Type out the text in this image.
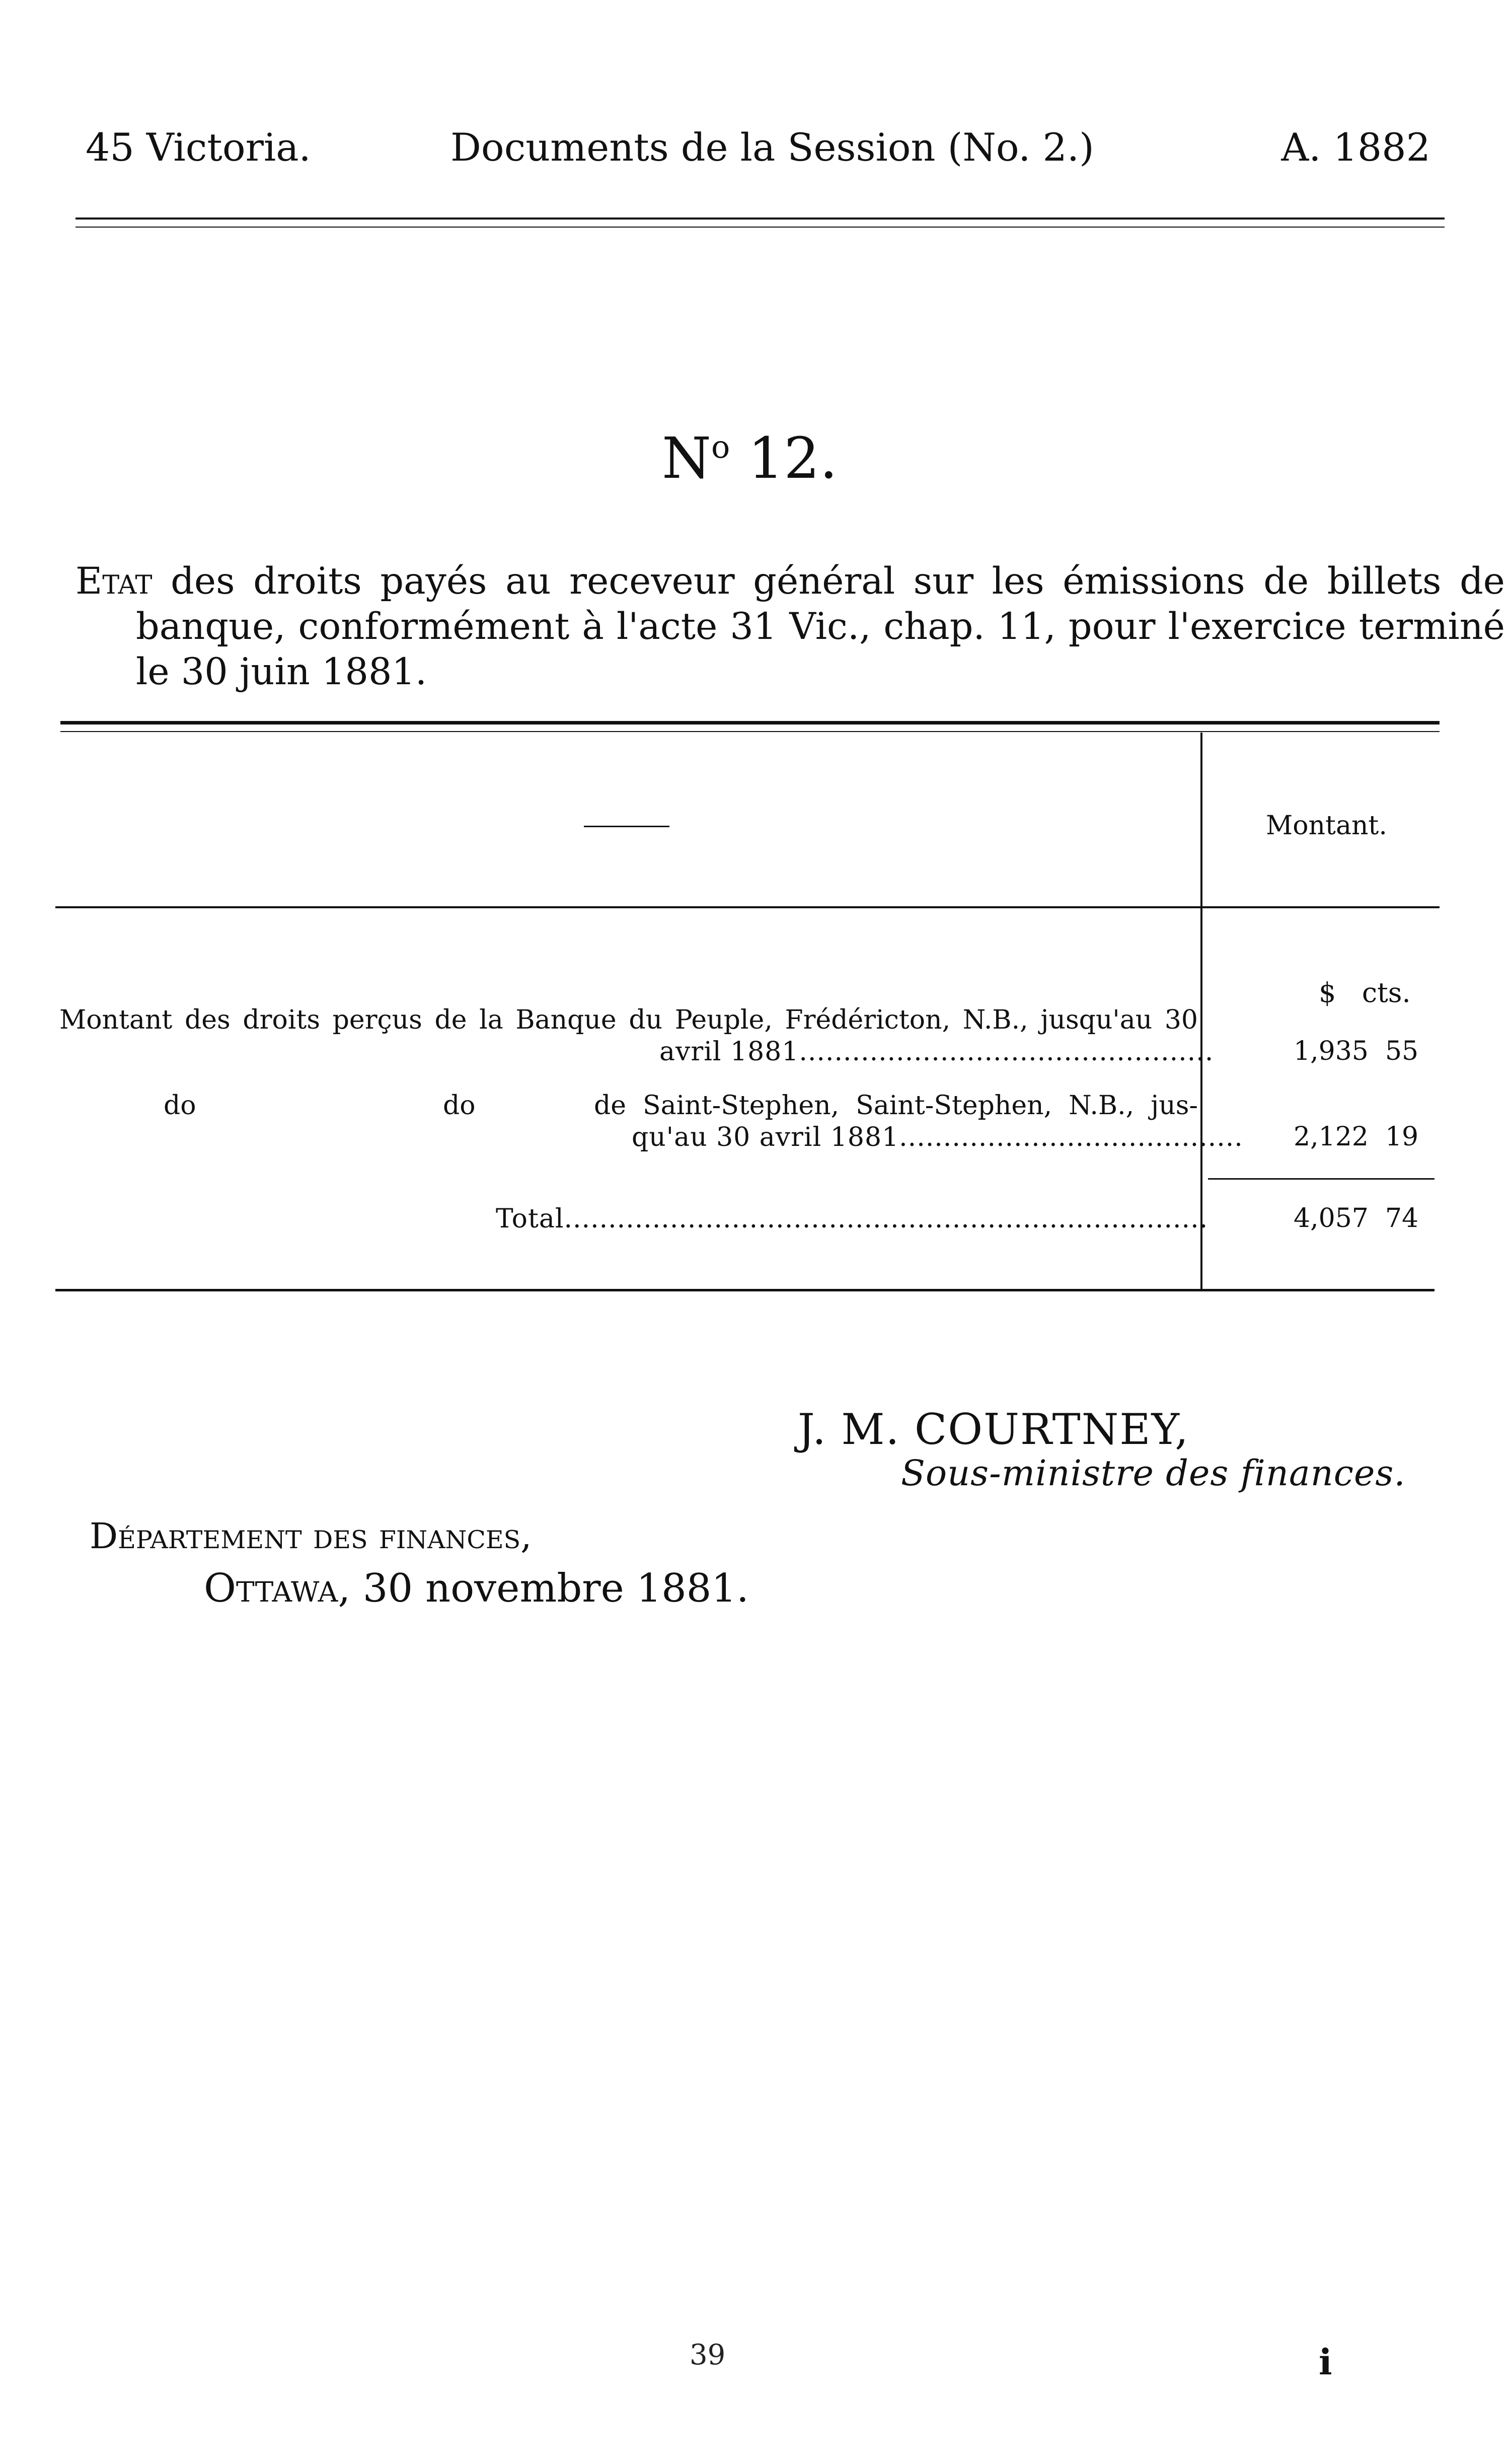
45 Victoria.	Documents de la Session (No. 2.)	A. 1882
$N^o$ 12.
Etat des droits payés au receveur général sur les émissions de billets de banque, conformément à l'acte 31 Vic., chap. 11, pour l'exercice terminé le 30 juin 1881.
Montant.
$ cts.
Montant des droits perçus de la Banque du Peuple, Frédéricton, N.B., jusqu'au 30
avril 1881...............................................	1,935 55
do	do	de Saint-Stephen, Saint-Stephen, N.B., jus-
qu'au 30 avril 1881....................................... 2,122 19
Total.........................................................................	4,057 74
J. M. COURTNEY,
Sous-ministre des finances.
Département des finances,
Ottawa, 30 novembre 1881.
39	i
